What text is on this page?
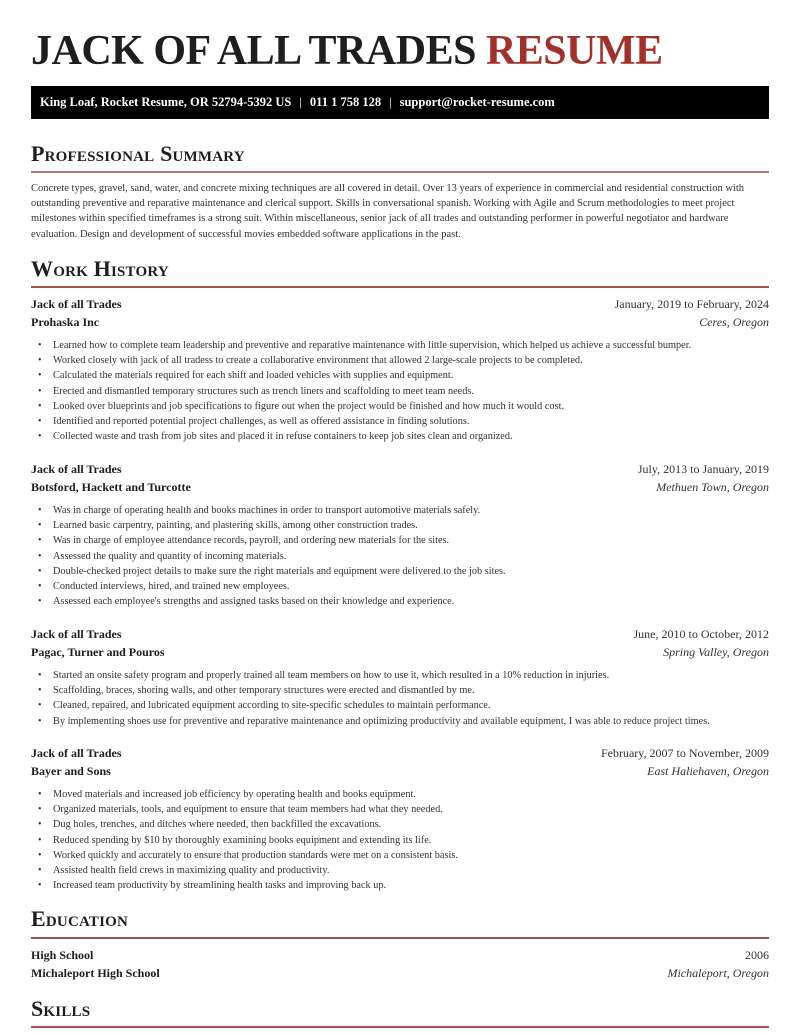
JACK OF ALL TRADES RESUME
King Loaf, Rocket Resume, OR 52794-5392 US | 011 1 758 128 | support@rocket-resume.com
Professional Summary

Concrete types, gravel, sand, water, and concrete mixing techniques are all covered in detail. Over 13 years of experience in commercial and residential construction with outstanding preventive and reparative maintenance and clerical support. Skills in conversational spanish. Working with Agile and Scrum methodologies to meet project milestones within specified timeframes is a strong suit. Within miscellaneous, senior jack of all trades and outstanding performer in powerful negotiator and hardware evaluation. Design and development of successful movies embedded software applications in the past.

Work History
Jack of all Trades	January, 2019 to February, 2024
Prohaska Inc	Ceres, Oregon
• Learned how to complete team leadership and preventive and reparative maintenance with little supervision, which helped us achieve a successful bumper.
• Worked closely with jack of all tradess to create a collaborative environment that allowed 2 large-scale projects to be completed.
• Calculated the materials required for each shift and loaded vehicles with supplies and equipment.
• Erected and dismantled temporary structures such as trench liners and scaffolding to meet team needs.
• Looked over blueprints and job specifications to figure out when the project would be finished and how much it would cost.
• Identified and reported potential project challenges, as well as offered assistance in finding solutions.
• Collected waste and trash from job sites and placed it in refuse containers to keep job sites clean and organized.
Jack of all Trades	July, 2013 to January, 2019
Botsford, Hackett and Turcotte	Methuen Town, Oregon
• Was in charge of operating health and books machines in order to transport automotive materials safely.
• Learned basic carpentry, painting, and plastering skills, among other construction trades.
• Was in charge of employee attendance records, payroll, and ordering new materials for the sites.
• Assessed the quality and quantity of incoming materials.
• Double-checked project details to make sure the right materials and equipment were delivered to the job sites.
• Conducted interviews, hired, and trained new employees.
• Assessed each employee's strengths and assigned tasks based on their knowledge and experience.
Jack of all Trades	June, 2010 to October, 2012
Pagac, Turner and Pouros	Spring Valley, Oregon
• Started an onsite safety program and properly trained all team members on how to use it, which resulted in a 10% reduction in injuries.
• Scaffolding, braces, shoring walls, and other temporary structures were erected and dismantled by me.
• Cleaned, repaired, and lubricated equipment according to site-specific schedules to maintain performance.
• By implementing shoes use for preventive and reparative maintenance and optimizing productivity and available equipment, I was able to reduce project times.
Jack of all Trades	February, 2007 to November, 2009
Bayer and Sons	East Haliehaven, Oregon
• Moved materials and increased job efficiency by operating health and books equipment.
• Organized materials, tools, and equipment to ensure that team members had what they needed.
• Dug holes, trenches, and ditches where needed, then backfilled the excavations.
• Reduced spending by $10 by thoroughly examining books equipment and extending its life.
• Worked quickly and accurately to ensure that production standards were met on a consistent basis.
• Assisted health field crews in maximizing quality and productivity.
• Increased team productivity by streamlining health tasks and improving back up.
Education
High School	2006
Michaleport High School	Michaleport, Oregon
Skills
